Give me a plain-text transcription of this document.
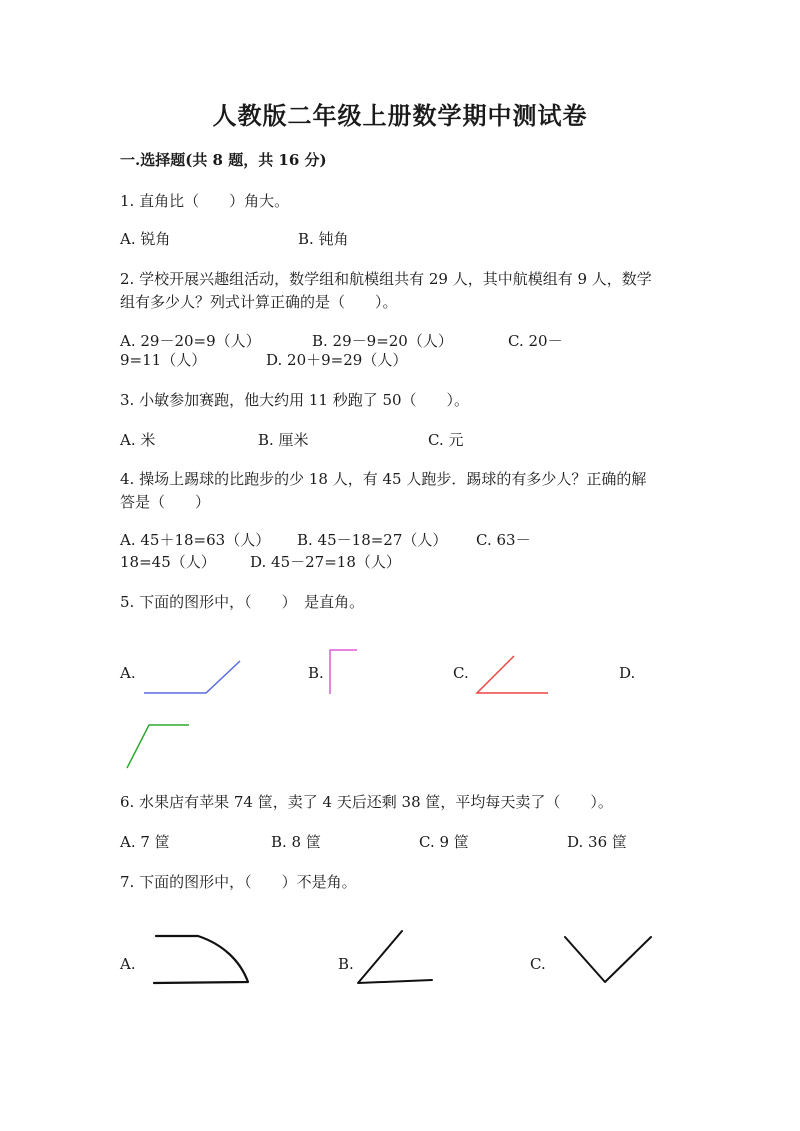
人教版二年级上册数学期中测试卷
一.选择题(共 8 题，共 16 分)
1. 直角比（　　）角大。
A. 锐角	B. 钝角
2. 学校开展兴趣组活动，数学组和航模组共有 29 人，其中航模组有 9 人，数学
组有多少人？列式计算正确的是（　　）。
A. 29－20=9（人）	B. 29－9=20（人）	C. 20－
9=11（人）	D. 20＋9=29（人）
3. 小敏参加赛跑，他大约用 11 秒跑了 50（　　）。
A. 米	B. 厘米	C. 元
4. 操场上踢球的比跑步的少 18 人，有 45 人跑步．踢球的有多少人？正确的解
答是（　　）
A. 45＋18=63（人） B. 45－18=27（人） C. 63－
18=45（人） D. 45－27=18（人）
5. 下面的图形中，（　　）　是直角。
A.	B.	C.	D.
6. 水果店有苹果 74 筐，卖了 4 天后还剩 38 筐，平均每天卖了（　　）。
A. 7 筐	B. 8 筐	C. 9 筐	D. 36 筐
7. 下面的图形中，（　　）不是角。
A.	B.	C.
